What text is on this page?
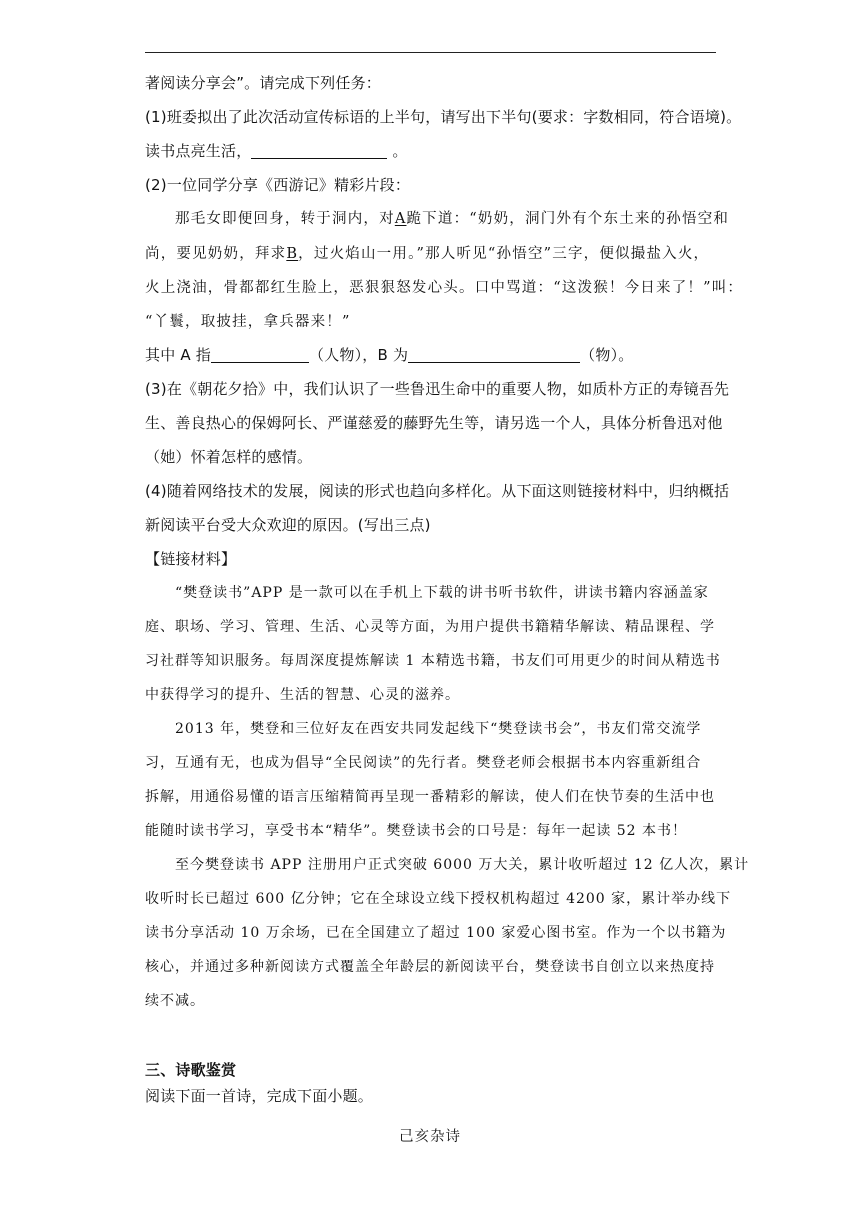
著阅读分享会”。请完成下列任务：
(1)班委拟出了此次活动宣传标语的上半句，请写出下半句(要求：字数相同，符合语境)。
读书点亮生活，	。
(2)一位同学分享《西游记》精彩片段：
那毛女即便回身，转于洞内，对A跪下道：“奶奶，洞门外有个东土来的孙悟空和
尚，要见奶奶，拜求B，过火焰山一用。”那人听见“孙悟空”三字，便似撮盐入火，
火上浇油，骨都都红生脸上，恶狠狠怒发心头。口中骂道：“这泼猴！今日来了！”叫：
“丫鬟，取披挂，拿兵器来！”
其中 A 指	（人物），B 为	（物）。
(3)在《朝花夕拾》中，我们认识了一些鲁迅生命中的重要人物，如质朴方正的寿镜吾先
生、善良热心的保姆阿长、严谨慈爱的藤野先生等，请另选一个人，具体分析鲁迅对他
（她）怀着怎样的感情。
(4)随着网络技术的发展，阅读的形式也趋向多样化。从下面这则链接材料中，归纳概括
新阅读平台受大众欢迎的原因。(写出三点)
【链接材料】
“樊登读书”APP 是一款可以在手机上下载的讲书听书软件，讲读书籍内容涵盖家
庭、职场、学习、管理、生活、心灵等方面，为用户提供书籍精华解读、精品课程、学
习社群等知识服务。每周深度提炼解读 1 本精选书籍，书友们可用更少的时间从精选书
中获得学习的提升、生活的智慧、心灵的滋养。
2013 年，樊登和三位好友在西安共同发起线下“樊登读书会”，书友们常交流学
习，互通有无，也成为倡导“全民阅读”的先行者。樊登老师会根据书本内容重新组合
拆解，用通俗易懂的语言压缩精简再呈现一番精彩的解读，使人们在快节奏的生活中也
能随时读书学习，享受书本“精华”。樊登读书会的口号是：每年一起读 52 本书！
至今樊登读书 APP 注册用户正式突破 6000 万大关，累计收听超过 12 亿人次，累计
收听时长已超过 600 亿分钟；它在全球设立线下授权机构超过 4200 家，累计举办线下
读书分享活动 10 万余场，已在全国建立了超过 100 家爱心图书室。作为一个以书籍为
核心，并通过多种新阅读方式覆盖全年龄层的新阅读平台，樊登读书自创立以来热度持
续不减。
三、诗歌鉴赏
阅读下面一首诗，完成下面小题。
己亥杂诗
